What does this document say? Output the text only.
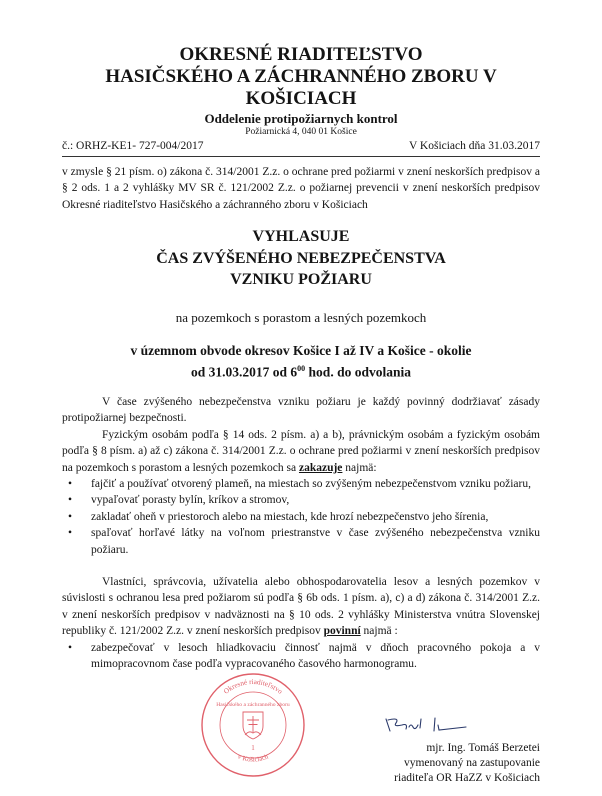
OKRESNÉ RIADITEĽSTVO
HASIČSKÉHO A ZÁCHRANNÉHO ZBORU V
KOŠICIACH
Oddelenie protipožiarnych kontrol
Požiarnická 4, 040 01 Košice
č.: ORHZ-KE1- 727-004/2017	V Košiciach dňa 31.03.2017
v zmysle § 21 písm. o) zákona č. 314/2001 Z.z. o ochrane pred požiarmi v znení neskorších predpisov a § 2 ods. 1 a 2 vyhlášky MV SR č. 121/2002 Z.z. o požiarnej prevencii v znení neskorších predpisov Okresné riaditeľstvo Hasičského a záchranného zboru v Košiciach
VYHLASUJE
ČAS ZVÝŠENÉHO NEBEZPEČENSTVA VZNIKU POŽIARU
na pozemkoch s porastom a lesných pozemkoch
v územnom obvode okresov Košice I až IV a Košice - okolie
od 31.03.2017 od $6^{00}$ hod. do odvolania
V čase zvýšeného nebezpečenstva vzniku požiaru je každý povinný dodržiavať zásady protipožiarnej bezpečnosti.
Fyzickým osobám podľa § 14 ods. 2 písm. a) a b), právnickým osobám a fyzickým osobám podľa § 8 písm. a) až c) zákona č. 314/2001 Z.z. o ochrane pred požiarmi v znení neskorších predpisov na pozemkoch s porastom a lesných pozemkoch sa zakazuje najmä:
• fajčiť a používať otvorený plameň, na miestach so zvýšeným nebezpečenstvom vzniku požiaru,
• vypaľovať porasty bylín, kríkov a stromov,
• zakladať oheň v priestoroch alebo na miestach, kde hrozí nebezpečenstvo jeho šírenia,
• spaľovať horľavé látky na voľnom priestranstve v čase zvýšeného nebezpečenstva vzniku požiaru.
Vlastníci, správcovia, užívatelia alebo obhospodarovatelia lesov a lesných pozemkov v súvislosti s ochranou lesa pred požiarom sú podľa § 6b ods. 1 písm. a), c) a d) zákona č. 314/2001 Z.z. v znení neskorších predpisov v nadväznosti na § 10 ods. 2 vyhlášky Ministerstva vnútra Slovenskej republiky č. 121/2002 Z.z. v znení neskorších predpisov povinní najmä :
• zabezpečovať v lesoch hliadkovaciu činnosť najmä v dňoch pracovného pokoja a v mimopracovnom čase podľa vypracovaného časového harmonogramu.
Okresné riaditeľstvo
v Košiciach
Hasičského a záchranného zboru
1	mjr. Ing. Tomáš Berzetei
vymenovaný na zastupovanie
riaditeľa OR HaZZ v Košiciach
